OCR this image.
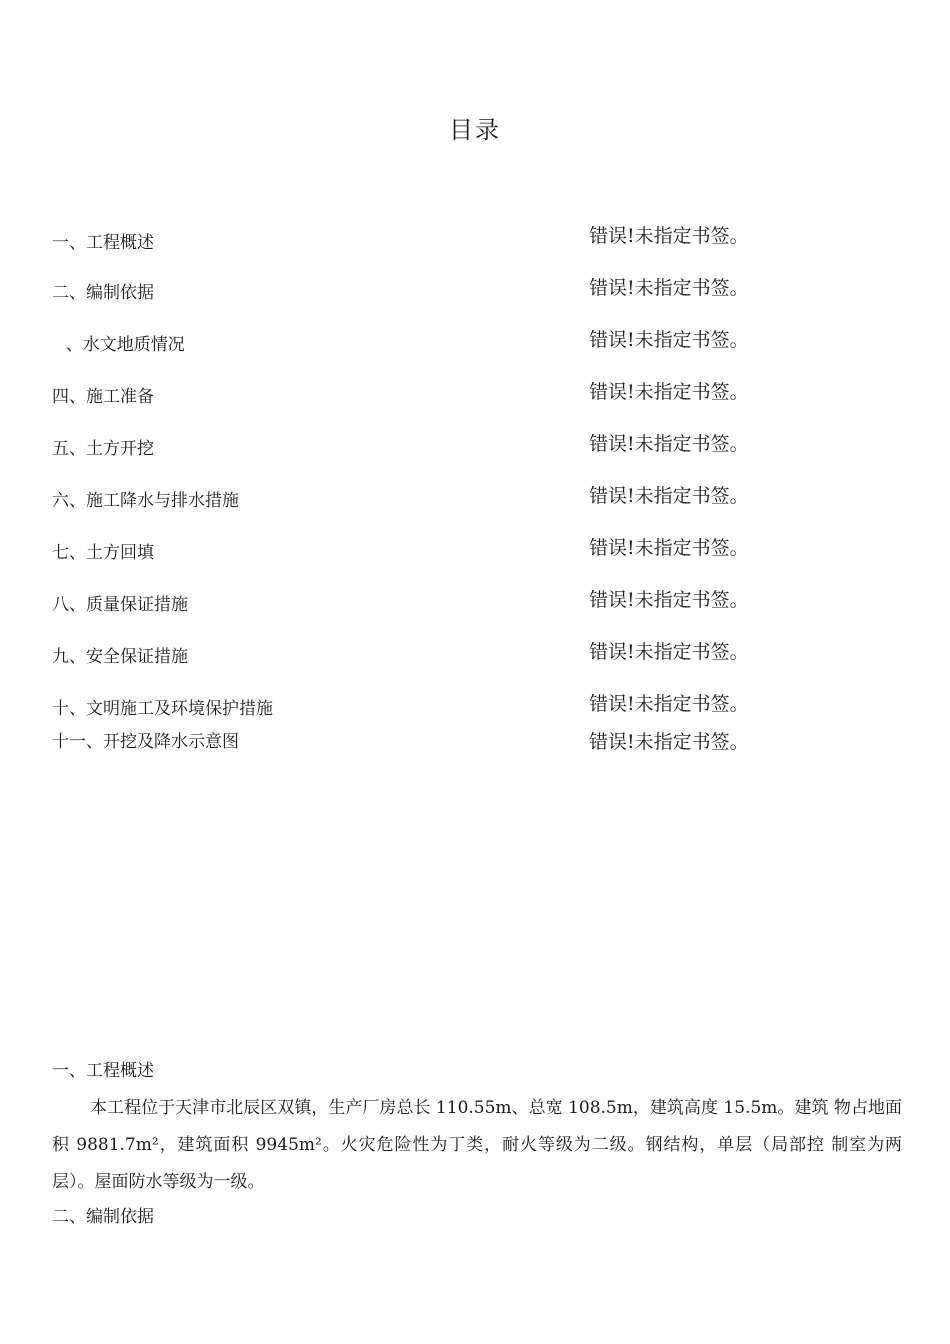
目录
一、工程概述	错误!未指定书签。
二、编制依据	错误!未指定书签。
、水文地质情况	错误!未指定书签。
四、施工准备	错误!未指定书签。
五、土方开挖	错误!未指定书签。
六、施工降水与排水措施	错误!未指定书签。
七、土方回填	错误!未指定书签。
八、质量保证措施	错误!未指定书签。
九、安全保证措施	错误!未指定书签。
十、文明施工及环境保护措施	错误!未指定书签。
十一、开挖及降水示意图	错误!未指定书签。
一、工程概述
本工程位于天津市北辰区双镇，生产厂房总长 110.55m、总宽 108.5m，建筑高度 15.5m。建筑 物占地面积 9881.7m²，建筑面积 9945m²。火灾危险性为丁类，耐火等级为二级。钢结构，单层（局部控 制室为两层）。屋面防水等级为一级。
二、编制依据
